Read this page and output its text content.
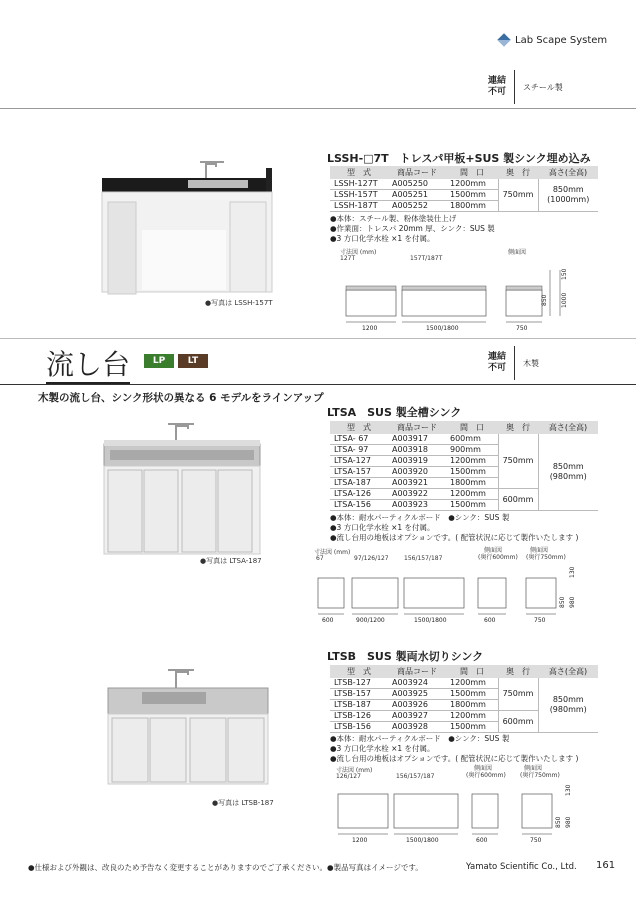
Lab Scape System
連結
不可 スチール製
●写真は LSSH-157T
LSSH-□7T　トレスパ甲板+SUS 製シンク埋め込み
型　式	商品コード	間　口	奥　行	高さ(全高)
LSSH-127T	A005250	1200mm	750mm	850mm
(1000mm)

LSSH-157T	A005251	1500mm		
LSSH-187T	A005252	1800mm		
●本体：スチール製、粉体塗装仕上げ
●作業面：トレスパ 20mm 厚、シンク：SUS 製
●3 方口化学水栓 ×1 を付属。
寸法図 (mm)
127T	157T/187T
側面図
1200	1500/1800	750
850 1000
150
流し台	LP	LT	連結
不可 木製
木製の流し台、シンク形状の異なる 6 モデルをラインアップ
●写真は LTSA-187
LTSA　SUS 製全槽シンク
型　式	商品コード	間　口	奥　行	高さ(全高)
LTSA- 67	A003917	600mm	750mm	850mm
(980mm)

LTSA- 97	A003918	900mm		
LTSA-127	A003919	1200mm		
LTSA-157	A003920	1500mm		
LTSA-187	A003921	1800mm		
LTSA-126	A003922	1200mm	600mm	
LTSA-156	A003923	1500mm		
●本体：耐水パーティクルボード　●シンク：SUS 製
●3 方口化学水栓 ×1 を付属。
●流し台用の地板はオプションです。( 配管状況に応じて製作いたします )
寸法図 (mm)
67	97/126/127	156/157/187
側面図
(奥行600mm)
側面図
(奥行750mm)
600	900/1200	1500/1800	600	750
850 980
130
●写真は LTSB-187
LTSB　SUS 製両水切りシンク
型　式	商品コード	間　口	奥　行	高さ(全高)
LTSB-127	A003924	1200mm	750mm	850mm
(980mm)

LTSB-157	A003925	1500mm		
LTSB-187	A003926	1800mm		
LTSB-126	A003927	1200mm	600mm	
LTSB-156	A003928	1500mm		
●本体：耐水パーティクルボード　●シンク：SUS 製
●3 方口化学水栓 ×1 を付属。
●流し台用の地板はオプションです。( 配管状況に応じて製作いたします )
寸法図 (mm)
126/127	156/157/187
側面図
(奥行600mm)
側面図
(奥行750mm)
1200	1500/1800	600	750
850 980
130
●仕様および外観は、改良のため予告なく変更することがありますのでご了承ください。●製品写真はイメージです。	Yamato Scientific Co., Ltd. 161
